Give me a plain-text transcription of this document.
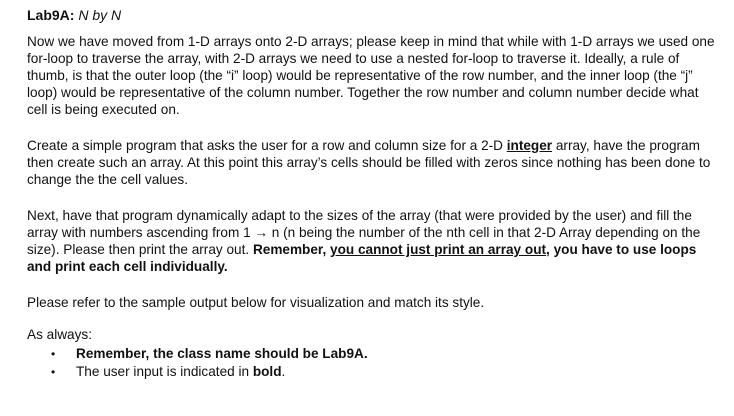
Lab9A: N by N

Now we have moved from 1-D arrays onto 2-D arrays; please keep in mind that while with 1-D arrays we used one for-loop to traverse the array, with 2-D arrays we need to use a nested for-loop to traverse it. Ideally, a rule of thumb, is that the outer loop (the “i” loop) would be representative of the row number, and the inner loop (the “j” loop) would be representative of the column number. Together the row number and column number decide what cell is being executed on.

Create a simple program that asks the user for a row and column size for a 2-D integer array, have the program then create such an array. At this point this array’s cells should be filled with zeros since nothing has been done to change the the cell values.

Next, have that program dynamically adapt to the sizes of the array (that were provided by the user) and fill the array with numbers ascending from 1 → n (n being the number of the nth cell in that 2-D Array depending on the size). Please then print the array out. Remember, you cannot just print an array out, you have to use loops and print each cell individually.

Please refer to the sample output below for visualization and match its style.

As always:

• Remember, the class name should be Lab9A.
• The user input is indicated in bold.
